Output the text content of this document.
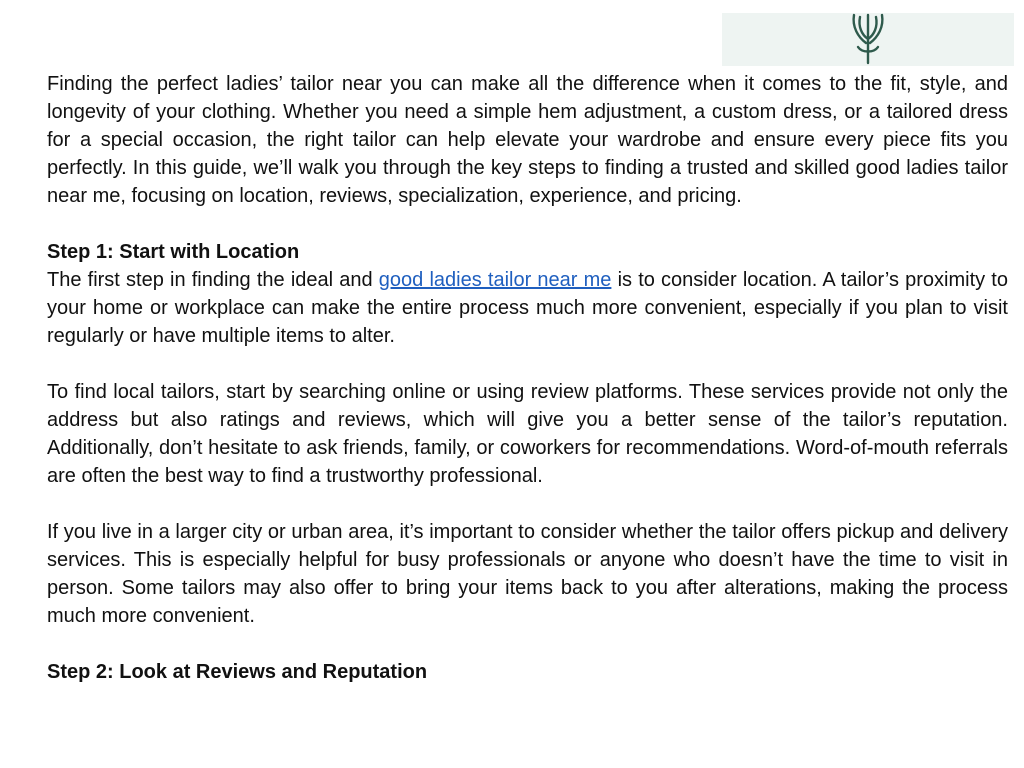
Finding the perfect ladies’ tailor near you can make all the difference when it comes to the fit, style, and longevity of your clothing. Whether you need a simple hem adjustment, a custom dress, or a tailored dress for a special occasion, the right tailor can help elevate your wardrobe and ensure every piece fits you perfectly. In this guide, we’ll walk you through the key steps to finding a trusted and skilled good ladies tailor near me, focusing on location, reviews, specialization, experience, and pricing.

Step 1: Start with Location

The first step in finding the ideal and good ladies tailor near me is to consider location. A tailor’s proximity to your home or workplace can make the entire process much more convenient, especially if you plan to visit regularly or have multiple items to alter.

To find local tailors, start by searching online or using review platforms. These services provide not only the address but also ratings and reviews, which will give you a better sense of the tailor’s reputation. Additionally, don’t hesitate to ask friends, family, or coworkers for recommendations. Word-of-mouth referrals are often the best way to find a trustworthy professional.

If you live in a larger city or urban area, it’s important to consider whether the tailor offers pickup and delivery services. This is especially helpful for busy professionals or anyone who doesn’t have the time to visit in person. Some tailors may also offer to bring your items back to you after alterations, making the process much more convenient.

Step 2: Look at Reviews and Reputation
